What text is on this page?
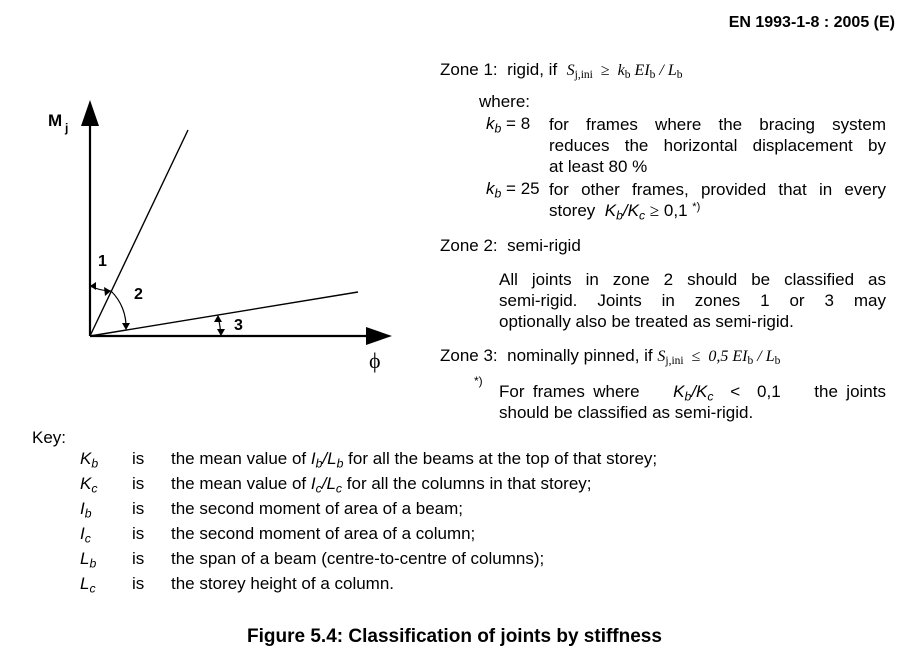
EN 1993-1-8 : 2005 (E)
M j
ϕ
1
2
3
Zone 1: rigid, if $S_{j,ini} \ge k_b$ $EI_b / L_b$
where:
$k_b = 8$ for frames where the bracing system
reduces the horizontal displacement by
at least 80 %
$k_b = 25$ for other frames, provided that in every
storey $K_b/K_c \ge 0,1$ *)
Zone 2: semi-rigid
All joints in zone 2 should be classified as
semi-rigid. Joints in zones 1 or 3 may
optionally also be treated as semi-rigid.
Zone 3: nominally pinned, if $S_{j,ini} \le 0,5$ $EI_b / L_b$
*)
For frames where $K_b/K_c < 0,1$ the joints
should be classified as semi-rigid.
Key:
$K_b$ is the mean value of $I_b/L_b$ for all the beams at the top of that storey;
$K_c$ is the mean value of $I_c/L_c$ for all the columns in that storey;
$I_b$ is the second moment of area of a beam;
$I_c$ is the second moment of area of a column;
$L_b$ is the span of a beam (centre-to-centre of columns);
$L_c$ is the storey height of a column.
Figure 5.4: Classification of joints by stiffness
